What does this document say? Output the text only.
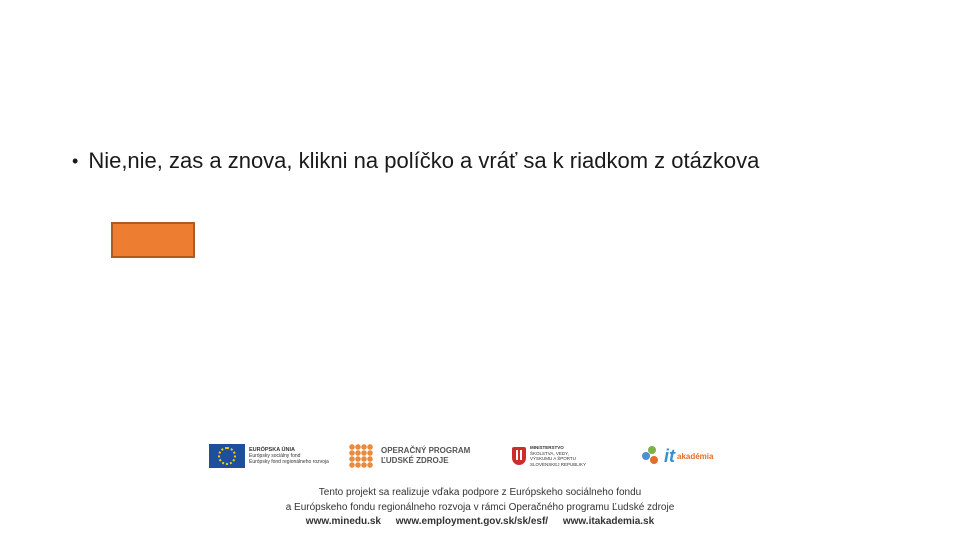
• Nie,nie, zas a znova, klikni na políčko a vráť sa k riadkom z otázkova
EURÓPSKA ÚNIA
Európsky sociálny fond
Európsky fond regionálneho rozvoja
OPERAČNÝ PROGRAM
ĽUDSKÉ ZDROJE
MINISTERSTVO
ŠKOLSTVA, VEDY,
VÝSKUMU A ŠPORTU
SLOVENSKEJ REPUBLIKY	it akadémia
Tento projekt sa realizuje vďaka podpore z Európskeho sociálneho fondu
a Európskeho fondu regionálneho rozvoja v rámci Operačného programu Ľudské zdroje
www.minedu.sk www.employment.gov.sk/sk/esf/ www.itakademia.sk
